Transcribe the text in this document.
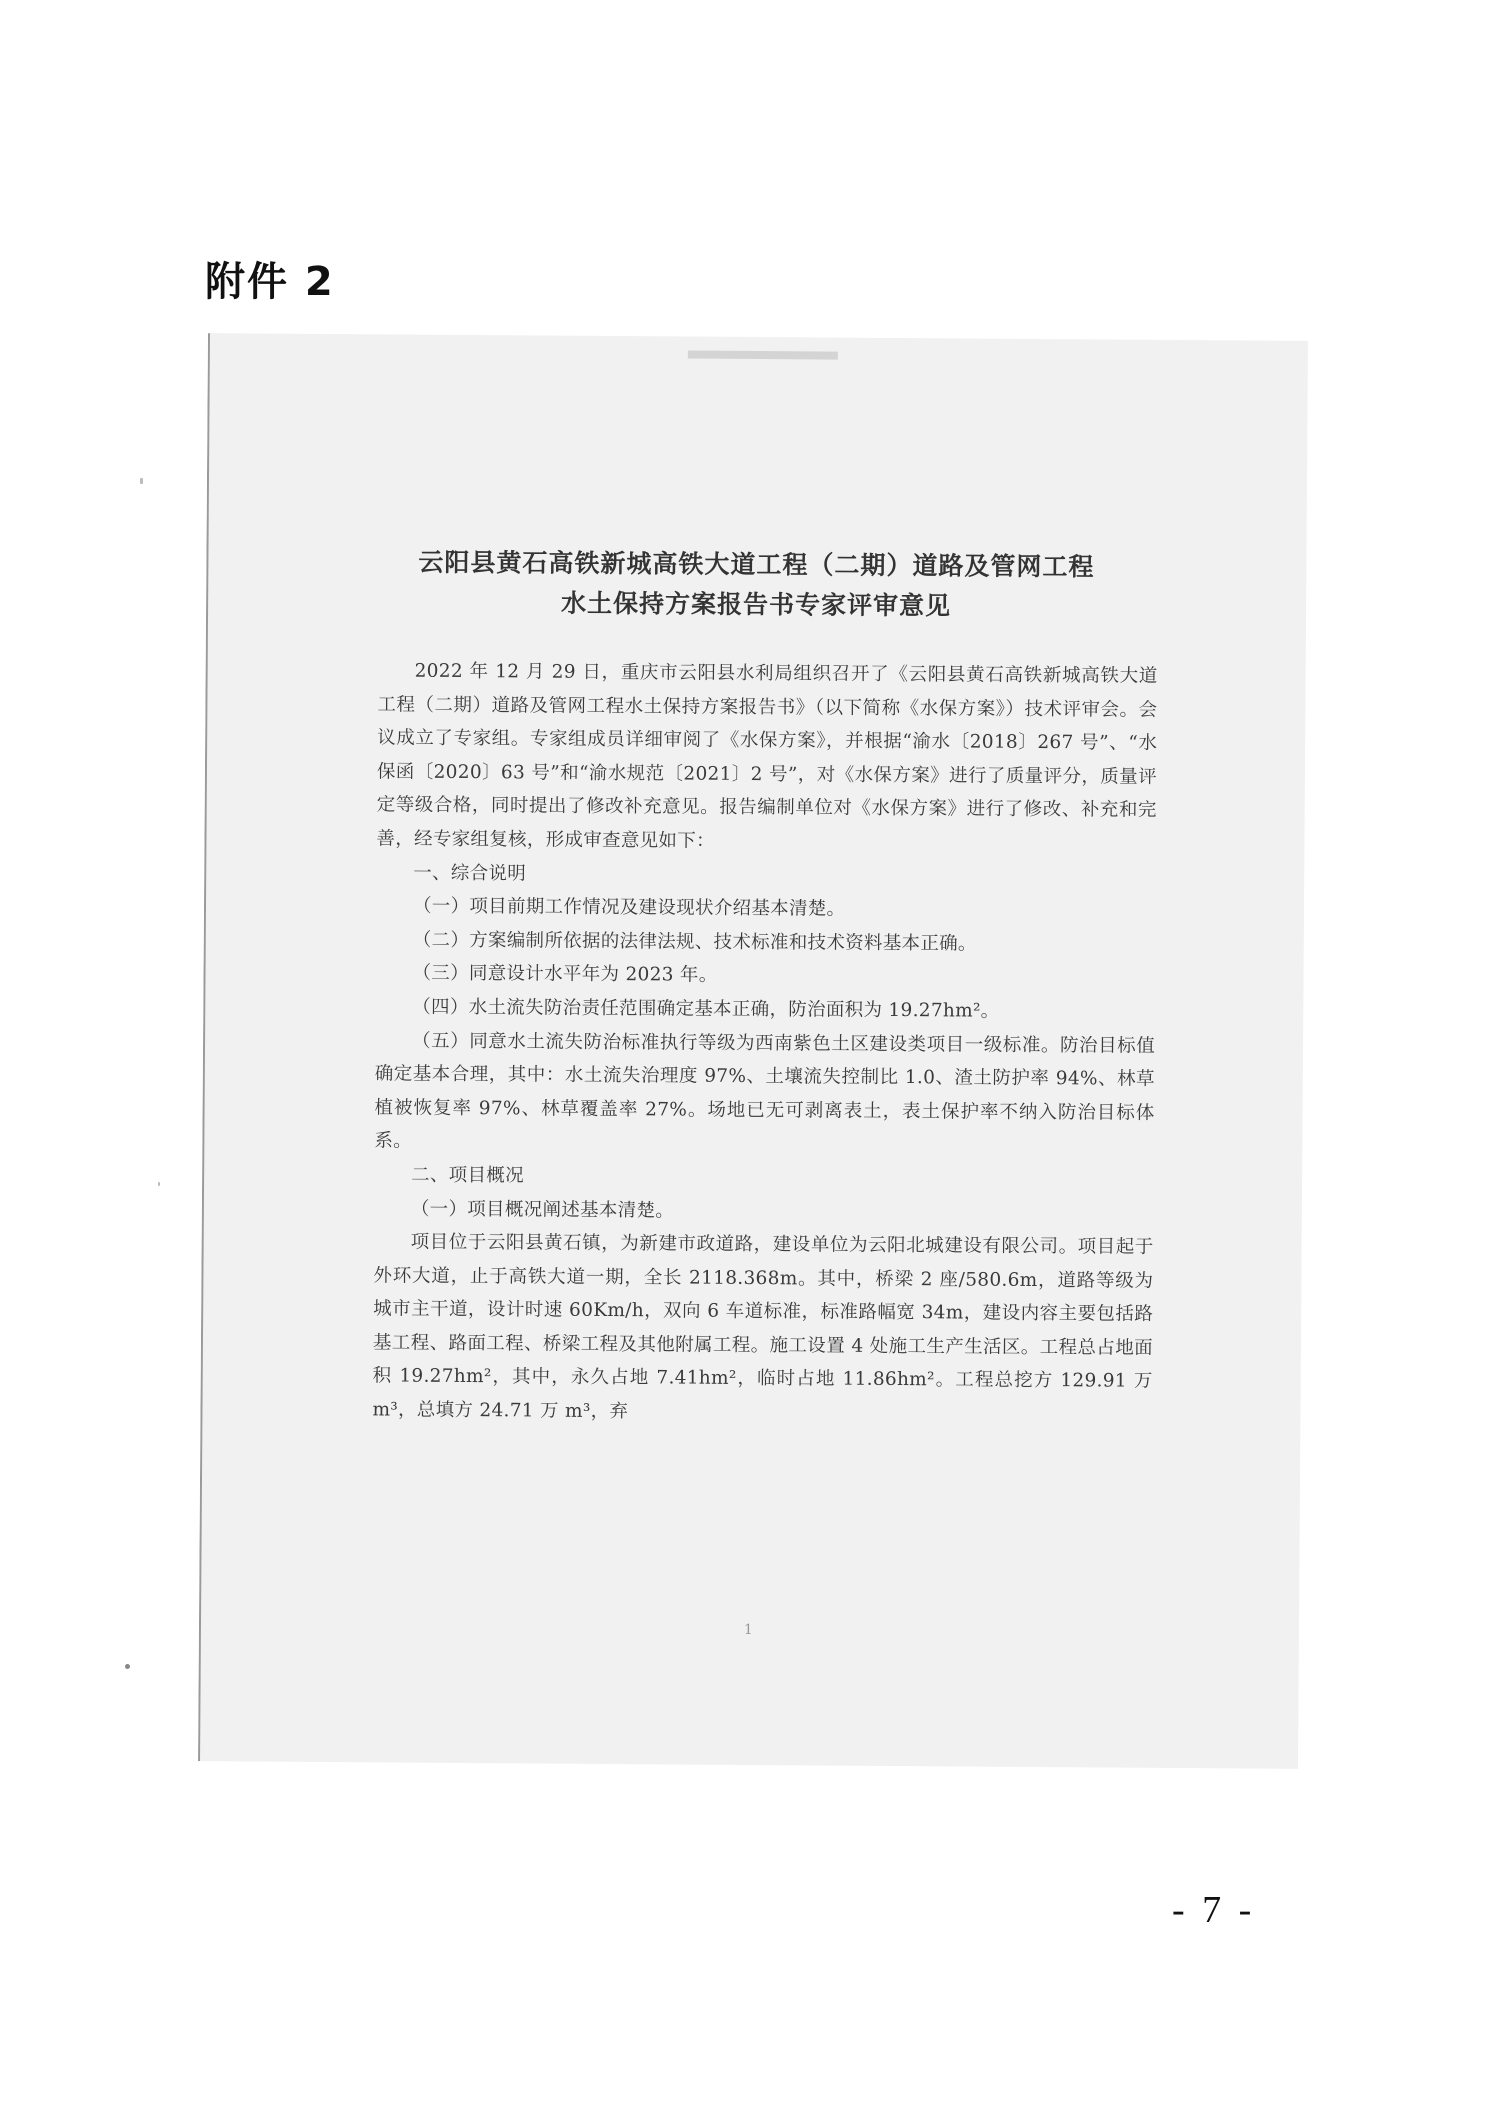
附件 2
云阳县黄石高铁新城高铁大道工程（二期）道路及管网工程
水土保持方案报告书专家评审意见

2022 年 12 月 29 日，重庆市云阳县水利局组织召开了《云阳县黄石高铁新城高铁大道工程（二期）道路及管网工程水土保持方案报告书》（以下简称《水保方案》）技术评审会。会议成立了专家组。专家组成员详细审阅了《水保方案》，并根据“渝水〔2018〕267 号”、“水保函〔2020〕63 号”和“渝水规范〔2021〕2 号”，对《水保方案》进行了质量评分，质量评定等级合格，同时提出了修改补充意见。报告编制单位对《水保方案》进行了修改、补充和完善，经专家组复核，形成审查意见如下：

一、综合说明

（一）项目前期工作情况及建设现状介绍基本清楚。

（二）方案编制所依据的法律法规、技术标准和技术资料基本正确。

（三）同意设计水平年为 2023 年。

（四）水土流失防治责任范围确定基本正确，防治面积为 19.27hm²。

（五）同意水土流失防治标准执行等级为西南紫色土区建设类项目一级标准。防治目标值确定基本合理，其中：水土流失治理度 97%、土壤流失控制比 1.0、渣土防护率 94%、林草植被恢复率 97%、林草覆盖率 27%。场地已无可剥离表土，表土保护率不纳入防治目标体系。

二、项目概况

（一）项目概况阐述基本清楚。

项目位于云阳县黄石镇，为新建市政道路，建设单位为云阳北城建设有限公司。项目起于外环大道，止于高铁大道一期，全长 2118.368m。其中，桥梁 2 座/580.6m，道路等级为城市主干道，设计时速 60Km/h，双向 6 车道标准，标准路幅宽 34m，建设内容主要包括路基工程、路面工程、桥梁工程及其他附属工程。施工设置 4 处施工生产生活区。工程总占地面积 19.27hm²，其中，永久占地 7.41hm²，临时占地 11.86hm²。工程总挖方 129.91 万 m³，总填方 24.71 万 m³，弃

1
- 7 -
